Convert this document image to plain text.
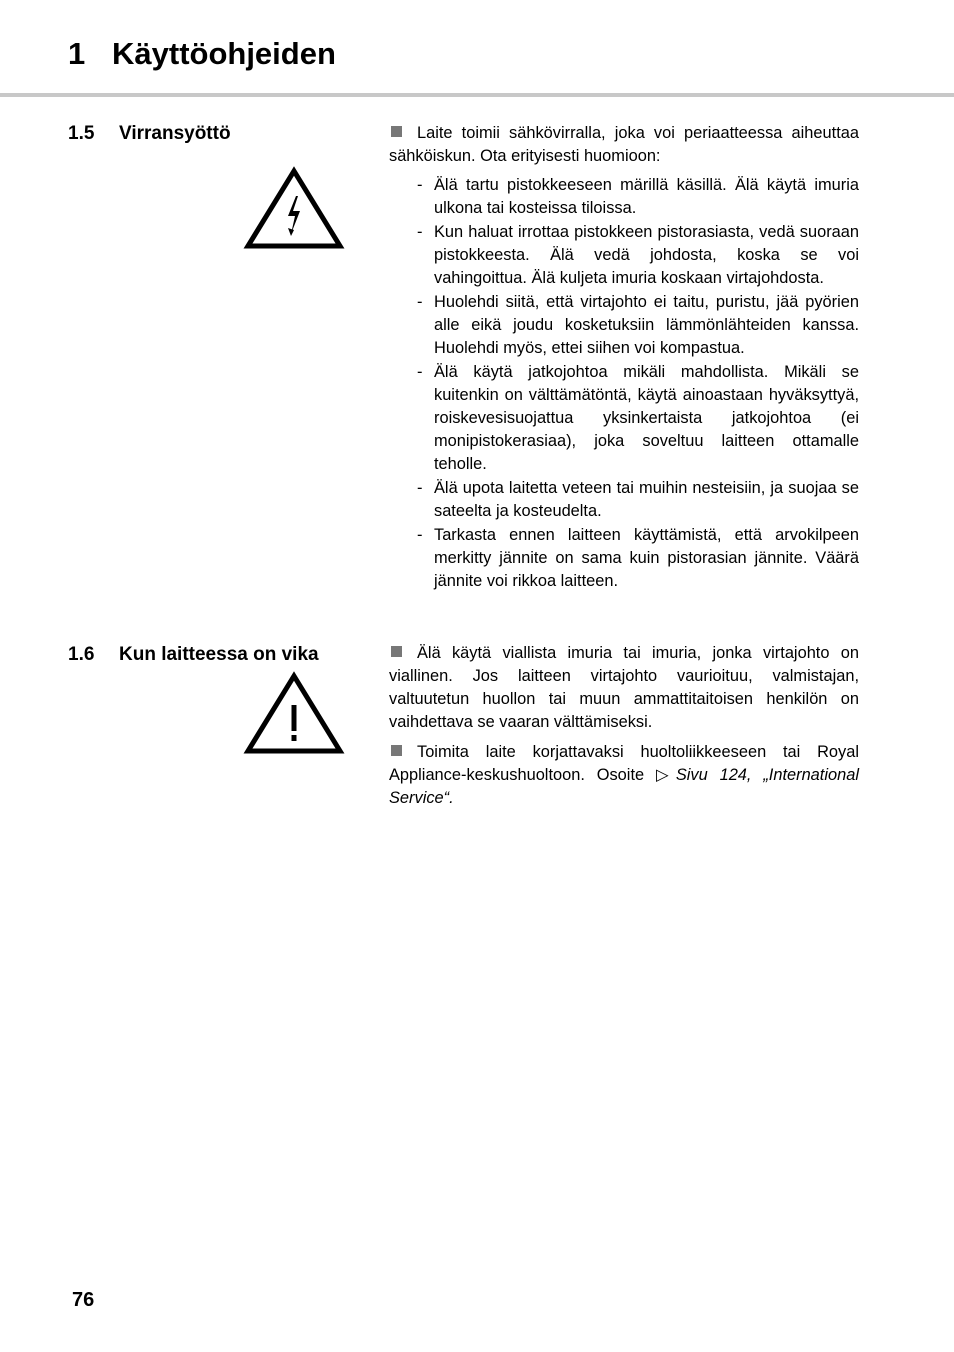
1 Käyttöohjeiden
1.5 Virransyöttö	Laite toimii sähkövirralla, joka voi periaatteessa aiheuttaa sähköiskun. Ota erityisesti huomioon:

- Älä tartu pistokkeeseen märillä käsillä. Älä käytä imuria ulkona tai kosteissa tiloissa.
- Kun haluat irrottaa pistokkeen pistorasiasta, vedä suoraan pistokkeesta. Älä vedä johdosta, koska se voi vahingoittua. Älä kuljeta imuria koskaan virtajohdosta.
- Huolehdi siitä, että virtajohto ei taitu, puristu, jää pyörien alle eikä joudu kosketuksiin lämmönlähteiden kanssa. Huolehdi myös, ettei siihen voi kompastua.
- Älä käytä jatkojohtoa mikäli mahdollista. Mikäli se kuitenkin on välttämätöntä, käytä ainoastaan hyväksyttyä, roiskevesisuojattua yksinkertaista jatkojohtoa (ei monipistokerasiaa), joka soveltuu laitteen ottamalle teholle.
- Älä upota laitetta veteen tai muihin nesteisiin, ja suojaa se sateelta ja kosteudelta.
- Tarkasta ennen laitteen käyttämistä, että arvokilpeen merkitty jännite on sama kuin pistorasian jännite. Väärä jännite voi rikkoa laitteen.
1.6 Kun laitteessa on vika	Älä käytä viallista imuria tai imuria, jonka virtajohto on viallinen. Jos laitteen virtajohto vaurioituu, valmistajan, valtuutetun huollon tai muun ammattitaitoisen henkilön on vaihdettava se vaaran välttämiseksi.

Toimita laite korjattavaksi huoltoliikkeeseen tai Royal Appliance-keskushuoltoon. Osoite ▷Sivu 124, „International Service“.

76
